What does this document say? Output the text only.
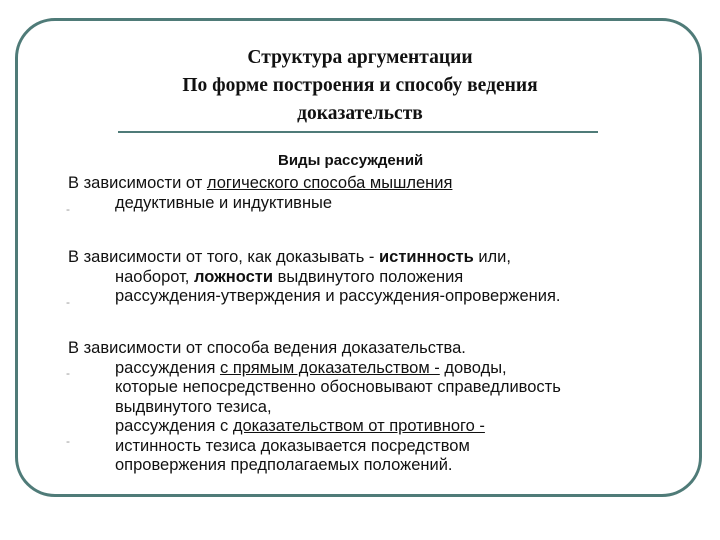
Структура аргументации
По форме построения и способу ведения
доказательств
Виды рассуждений
В зависимости от логического способа мышления
дедуктивные и индуктивные
-
В зависимости от того, как доказывать - истинность или,
наоборот, ложности выдвинутого положения
рассуждения-утверждения и рассуждения-опровержения.
-
В зависимости от способа ведения доказательства.
рассуждения с прямым доказательством - доводы,
которые непосредственно обосновывают справедливость
выдвинутого тезиса,
рассуждения с доказательством от противного -
истинность тезиса доказывается посредством
опровержения предполагаемых положений.
-
-
